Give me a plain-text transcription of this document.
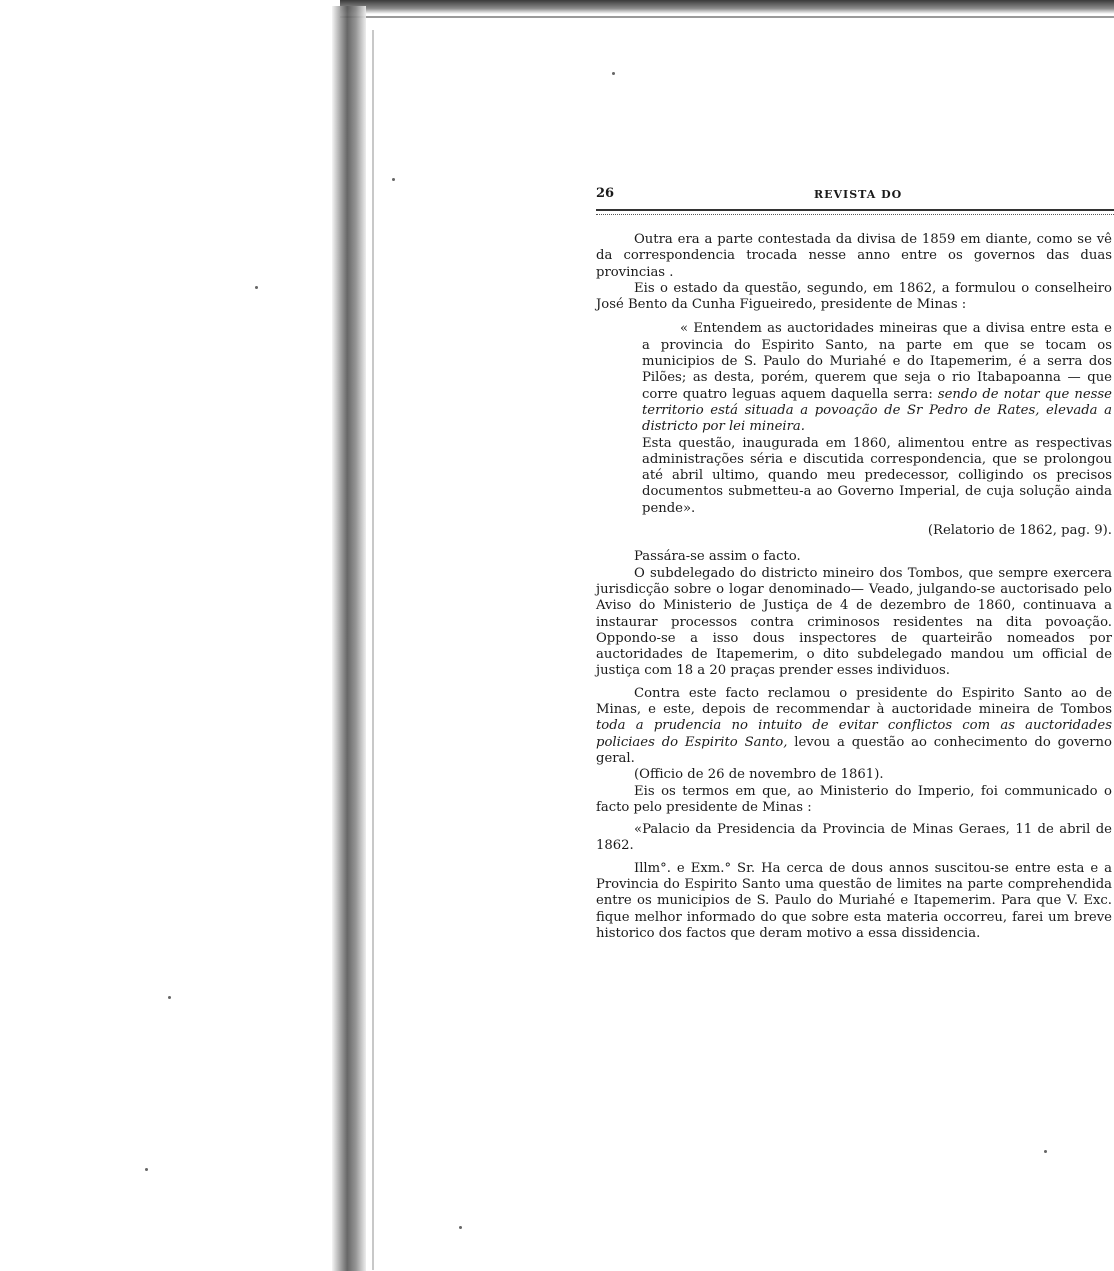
26	REVISTA DO

Outra era a parte contestada da divisa de 1859 em diante, como se vê da correspondencia trocada nesse anno entre os governos das duas provincias .

Eis o estado da questão, segundo, em 1862, a formulou o conselheiro José Bento da Cunha Figueiredo, presidente de Minas :

« Entendem as auctoridades mineiras que a divisa entre esta e a provincia do Espirito Santo, na parte em que se tocam os municipios de S. Paulo do Muriahé e do Itapemerim, é a serra dos Pilões; as desta, porém, querem que seja o rio Itabapoanna — que corre quatro leguas aquem daquella serra: sendo de notar que nesse territorio está situada a povoação de Sr Pedro de Rates, elevada a districto por lei mineira.

Esta questão, inaugurada em 1860, alimentou entre as respectivas administrações séria e discutida correspondencia, que se prolongou até abril ultimo, quando meu predecessor, colligindo os precisos documentos submetteu-a ao Governo Imperial, de cuja solução ainda pende».

(Relatorio de 1862, pag. 9).

Passára-se assim o facto.

O subdelegado do districto mineiro dos Tombos, que sempre exercera jurisdicção sobre o logar denominado— Veado, julgando-se auctorisado pelo Aviso do Ministerio de Justiça de 4 de dezembro de 1860, continuava a instaurar processos contra criminosos residentes na dita povoação. Oppondo-se a isso dous inspectores de quarteirão nomeados por auctoridades de Itapemerim, o dito subdelegado mandou um official de justiça com 18 a 20 praças prender esses individuos.

Contra este facto reclamou o presidente do Espirito Santo ao de Minas, e este, depois de recommendar à auctoridade mineira de Tombos toda a prudencia no intuito de evitar conflictos com as auctoridades policiaes do Espirito Santo, levou a questão ao conhecimento do governo geral.

(Officio de 26 de novembro de 1861).

Eis os termos em que, ao Ministerio do Imperio, foi communicado o facto pelo presidente de Minas :

«Palacio da Presidencia da Provincia de Minas Geraes, 11 de abril de 1862.

Illm°. e Exm.° Sr. Ha cerca de dous annos suscitou-se entre esta e a Provincia do Espirito Santo uma questão de limites na parte comprehendida entre os municipios de S. Paulo do Muriahé e Itapemerim. Para que V. Exc. fique melhor informado do que sobre esta materia occorreu, farei um breve historico dos factos que deram motivo a essa dissidencia.
